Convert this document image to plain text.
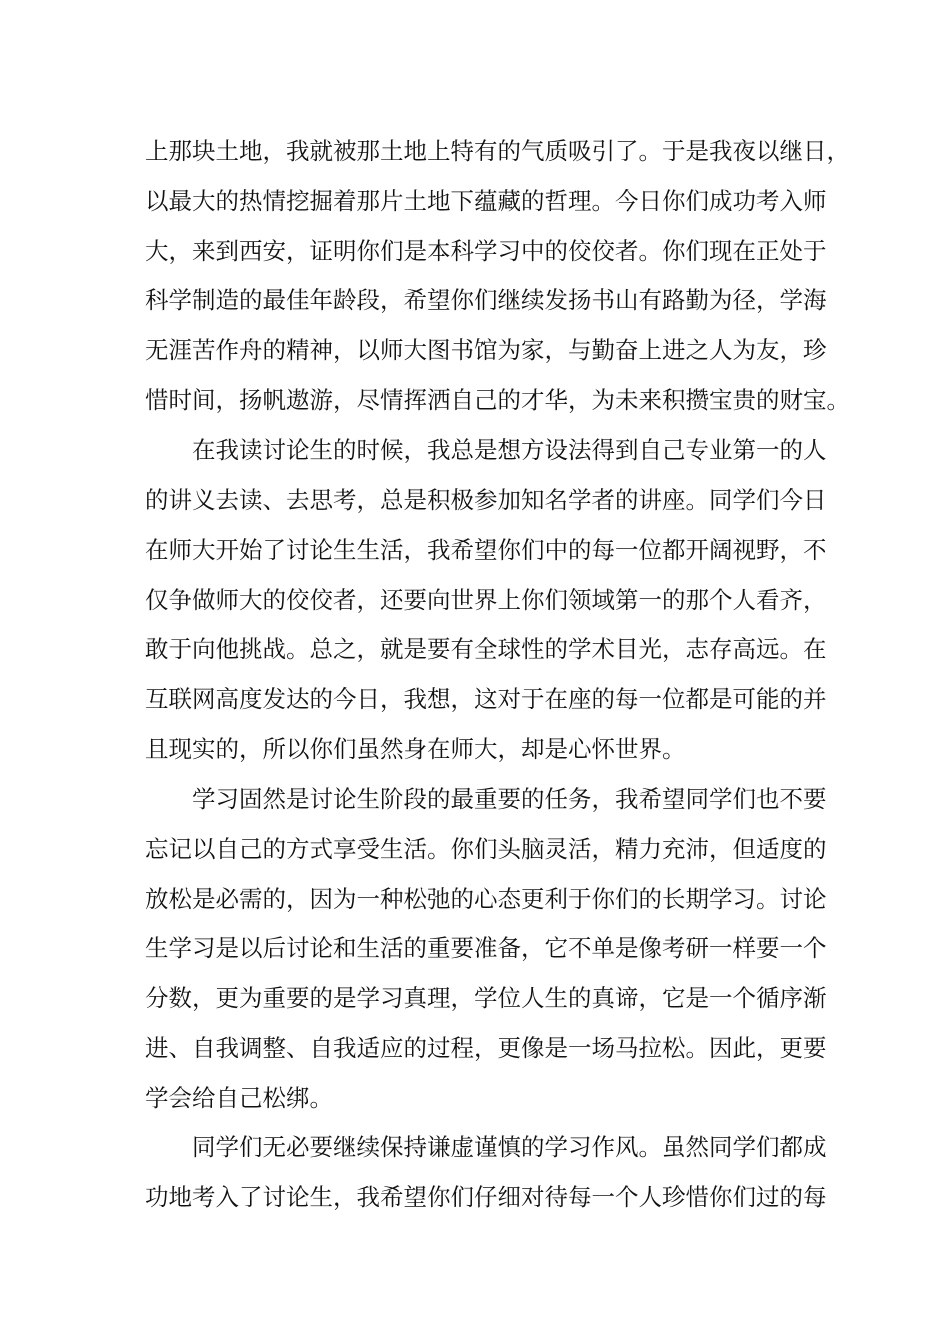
上那块土地，我就被那土地上特有的气质吸引了。于是我夜以继日，
以最大的热情挖掘着那片土地下蕴藏的哲理。今日你们成功考入师
大，来到西安，证明你们是本科学习中的佼佼者。你们现在正处于
科学制造的最佳年龄段，希望你们继续发扬书山有路勤为径，学海
无涯苦作舟的精神，以师大图书馆为家，与勤奋上进之人为友，珍
惜时间，扬帆遨游，尽情挥洒自己的才华，为未来积攒宝贵的财宝。
　　在我读讨论生的时候，我总是想方设法得到自己专业第一的人
的讲义去读、去思考，总是积极参加知名学者的讲座。同学们今日
在师大开始了讨论生生活，我希望你们中的每一位都开阔视野，不
仅争做师大的佼佼者，还要向世界上你们领域第一的那个人看齐，
敢于向他挑战。总之，就是要有全球性的学术目光，志存高远。在
互联网高度发达的今日，我想，这对于在座的每一位都是可能的并
且现实的，所以你们虽然身在师大，却是心怀世界。
　　学习固然是讨论生阶段的最重要的任务，我希望同学们也不要
忘记以自己的方式享受生活。你们头脑灵活，精力充沛，但适度的
放松是必需的，因为一种松弛的心态更利于你们的长期学习。讨论
生学习是以后讨论和生活的重要准备，它不单是像考研一样要一个
分数，更为重要的是学习真理，学位人生的真谛，它是一个循序渐
进、自我调整、自我适应的过程，更像是一场马拉松。因此，更要
学会给自己松绑。
　　同学们无必要继续保持谦虚谨慎的学习作风。虽然同学们都成
功地考入了讨论生，我希望你们仔细对待每一个人珍惜你们过的每
